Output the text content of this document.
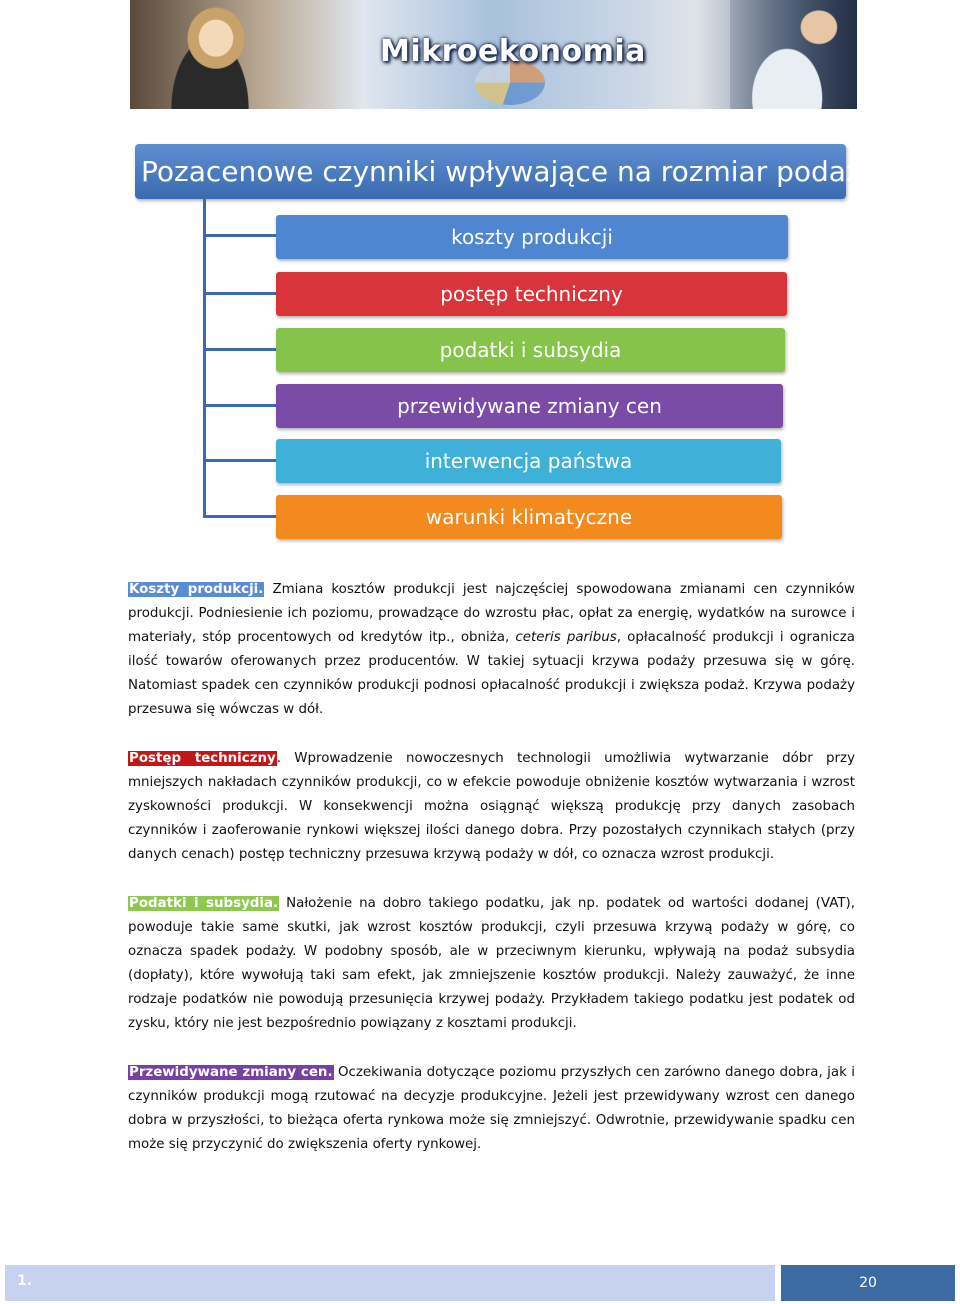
Mikroekonomia
Pozacenowe czynniki wpływające na rozmiar podaży
koszty produkcji
postęp techniczny
podatki i subsydia
przewidywane zmiany cen
interwencja państwa
warunki klimatyczne
Koszty produkcji. Zmiana kosztów produkcji jest najczęściej spowodowana zmianami cen czynników produkcji. Podniesienie ich poziomu, prowadzące do wzrostu płac, opłat za energię, wydatków na surowce i materiały, stóp procentowych od kredytów itp., obniża, ceteris paribus, opłacalność produkcji i ogranicza ilość towarów oferowanych przez producentów. W takiej sytuacji krzywa podaży przesuwa się w górę. Natomiast spadek cen czynników produkcji podnosi opłacalność produkcji i zwiększa podaż. Krzywa podaży przesuwa się wówczas w dół.
Postęp techniczny. Wprowadzenie nowoczesnych technologii umożliwia wytwarzanie dóbr przy mniejszych nakładach czynników produkcji, co w efekcie powoduje obniżenie kosztów wytwarzania i wzrost zyskowności produkcji. W konsekwencji można osiągnąć większą produkcję przy danych zasobach czynników i zaoferowanie rynkowi większej ilości danego dobra. Przy pozostałych czynnikach stałych (przy danych cenach) postęp techniczny przesuwa krzywą podaży w dół, co oznacza wzrost produkcji.
Podatki i subsydia. Nałożenie na dobro takiego podatku, jak np. podatek od wartości dodanej (VAT), powoduje takie same skutki, jak wzrost kosztów produkcji, czyli przesuwa krzywą podaży w górę, co oznacza spadek podaży. W podobny sposób, ale w przeciwnym kierunku, wpływają na podaż subsydia (dopłaty), które wywołują taki sam efekt, jak zmniejszenie kosztów produkcji. Należy zauważyć, że inne rodzaje podatków nie powodują przesunięcia krzywej podaży. Przykładem takiego podatku jest podatek od zysku, który nie jest bezpośrednio powiązany z kosztami produkcji.
Przewidywane zmiany cen. Oczekiwania dotyczące poziomu przyszłych cen zarówno danego dobra, jak i czynników produkcji mogą rzutować na decyzje produkcyjne. Jeżeli jest przewidywany wzrost cen danego dobra w przyszłości, to bieżąca oferta rynkowa może się zmniejszyć. Odwrotnie, przewidywanie spadku cen może się przyczynić do zwiększenia oferty rynkowej.
1.	20
